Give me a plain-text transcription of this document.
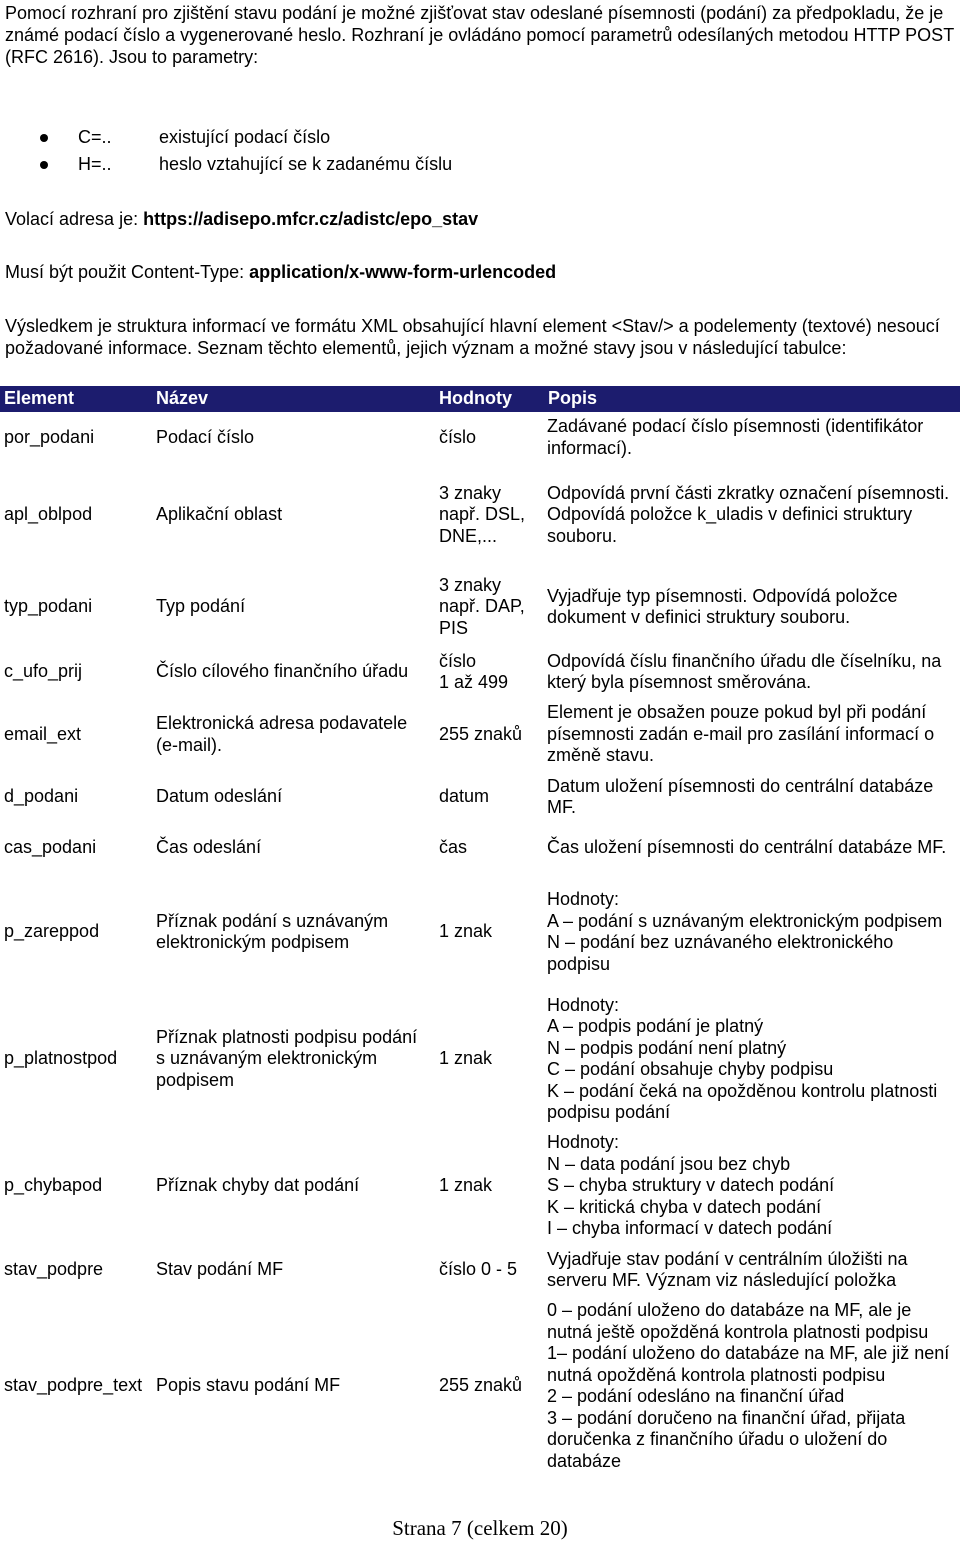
Pomocí rozhraní pro zjištění stavu podání je možné zjišťovat stav odeslané písemnosti (podání) za předpokladu, že je známé podací číslo a vygenerované heslo. Rozhraní je ovládáno pomocí parametrů odesílaných metodou HTTP POST (RFC 2616). Jsou to parametry:

C=..	existující podací číslo
H=..	heslo vztahující se k zadanému číslu
Volací adresa je: https://adisepo.mfcr.cz/adistc/epo_stav
Musí být použit Content-Type: application/x-www-form-urlencoded

Výsledkem je struktura informací ve formátu XML obsahující hlavní element <Stav/> a podelementy (textové) nesoucí požadované informace. Seznam těchto elementů, jejich význam a možné stavy jsou v následující tabulce:

Element	Název	Hodnoty	Popis
por_podani	Podací číslo	číslo	Zadávané podací číslo písemnosti (identifikátor informací).
apl_oblpod	Aplikační oblast	3 znaky
např. DSL,
DNE,...	Odpovídá první části zkratky označení písemnosti.
Odpovídá položce k_uladis v definici struktury souboru.
typ_podani	Typ podání	3 znaky
např. DAP,
PIS	Vyjadřuje typ písemnosti. Odpovídá položce dokument v definici struktury souboru.
c_ufo_prij	Číslo cílového finančního úřadu	číslo
1 až 499	Odpovídá číslu finančního úřadu dle číselníku, na který byla písemnost směrována.
email_ext	Elektronická adresa podavatele (e-mail).	255 znaků	Element je obsažen pouze pokud byl při podání písemnosti zadán e-mail pro zasílání informací o změně stavu.
d_podani	Datum odeslání	datum	Datum uložení písemnosti do centrální databáze MF.
cas_podani	Čas odeslání	čas	Čas uložení písemnosti do centrální databáze MF.
p_zareppod	Příznak podání s uznávaným elektronickým podpisem	1 znak	Hodnoty:
A – podání s uznávaným elektronickým podpisem
N – podání bez uznávaného elektronického podpisu
p_platnostpod	Příznak platnosti podpisu podání s uznávaným elektronickým podpisem	1 znak	Hodnoty:
A – podpis podání je platný
N – podpis podání není platný
C – podání obsahuje chyby podpisu
K – podání čeká na opožděnou kontrolu platnosti podpisu podání
p_chybapod	Příznak chyby dat podání	1 znak	Hodnoty:
N – data podání jsou bez chyb
S – chyba struktury v datech podání
K – kritická chyba v datech podání
I – chyba informací v datech podání
stav_podpre	Stav podání MF	číslo 0 - 5	Vyjadřuje stav podání v centrálním úložišti na serveru MF. Význam viz následující položka
stav_podpre_text	Popis stavu podání MF	255 znaků	0 – podání uloženo do databáze na MF, ale je nutná ještě opožděná kontrola platnosti podpisu
1– podání uloženo do databáze na MF, ale již není nutná opožděná kontrola platnosti podpisu
2 – podání odesláno na finanční úřad
3 – podání doručeno na finanční úřad, přijata doručenka z finančního úřadu o uložení do databáze
Strana 7 (celkem 20)
